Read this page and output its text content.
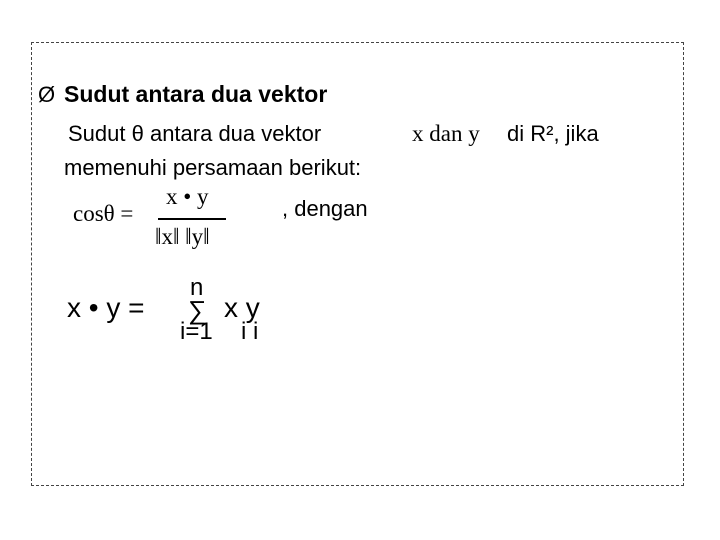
Ø Sudut antara dua vektor
Sudut θ antara dua vektor	x dan y di R², jika
memenuhi persamaan berikut:
cosθ =
x • y
‖x‖ ‖y‖
, dengan
x • y =
n
∑
i=1
x y
i i
